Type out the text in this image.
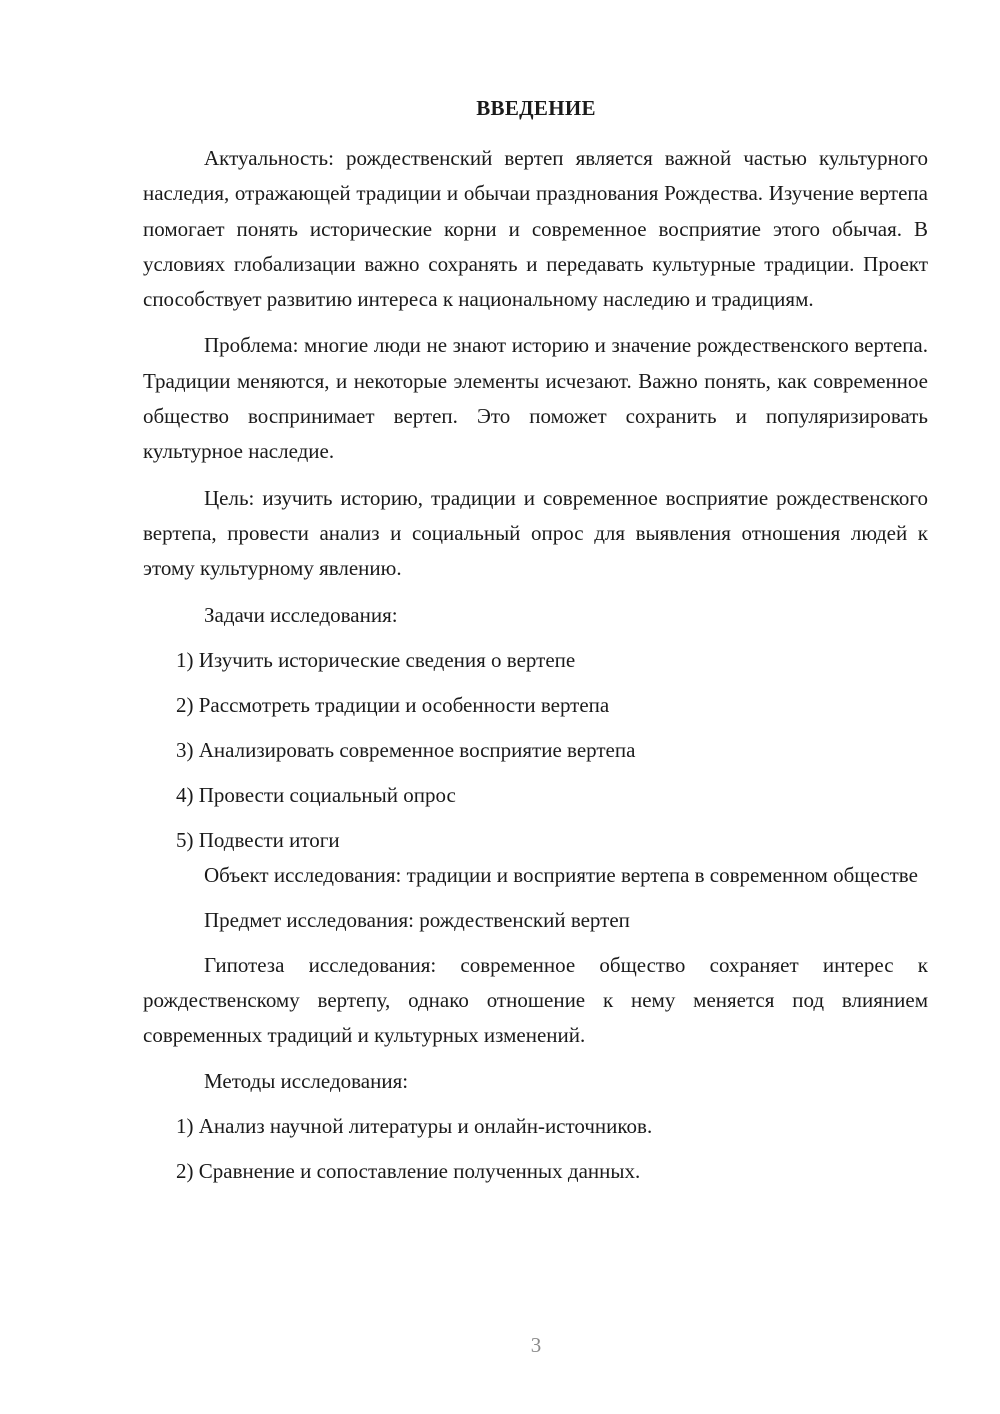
ВВЕДЕНИЕ

Актуальность: рождественский вертеп является важной частью культурного наследия, отражающей традиции и обычаи празднования Рождества. Изучение вертепа помогает понять исторические корни и современное восприятие этого обычая. В условиях глобализации важно сохранять и передавать культурные традиции. Проект способствует развитию интереса к национальному наследию и традициям.

Проблема: многие люди не знают историю и значение рождественского вертепа. Традиции меняются, и некоторые элементы исчезают. Важно понять, как современное общество воспринимает вертеп. Это поможет сохранить и популяризировать культурное наследие.

Цель: изучить историю, традиции и современное восприятие рождественского вертепа, провести анализ и социальный опрос для выявления отношения людей к этому культурному явлению.

Задачи исследования:
1) Изучить исторические сведения о вертепе
2) Рассмотреть традиции и особенности вертепа
3) Анализировать современное восприятие вертепа
4) Провести социальный опрос
5) Подвести итоги

Объект исследования: традиции и восприятие вертепа в современном обществе

Предмет исследования: рождественский вертеп

Гипотеза исследования: современное общество сохраняет интерес к рождественскому вертепу, однако отношение к нему меняется под влиянием современных традиций и культурных изменений.

Методы исследования:
1) Анализ научной литературы и онлайн-источников.
2) Сравнение и сопоставление полученных данных.
3
